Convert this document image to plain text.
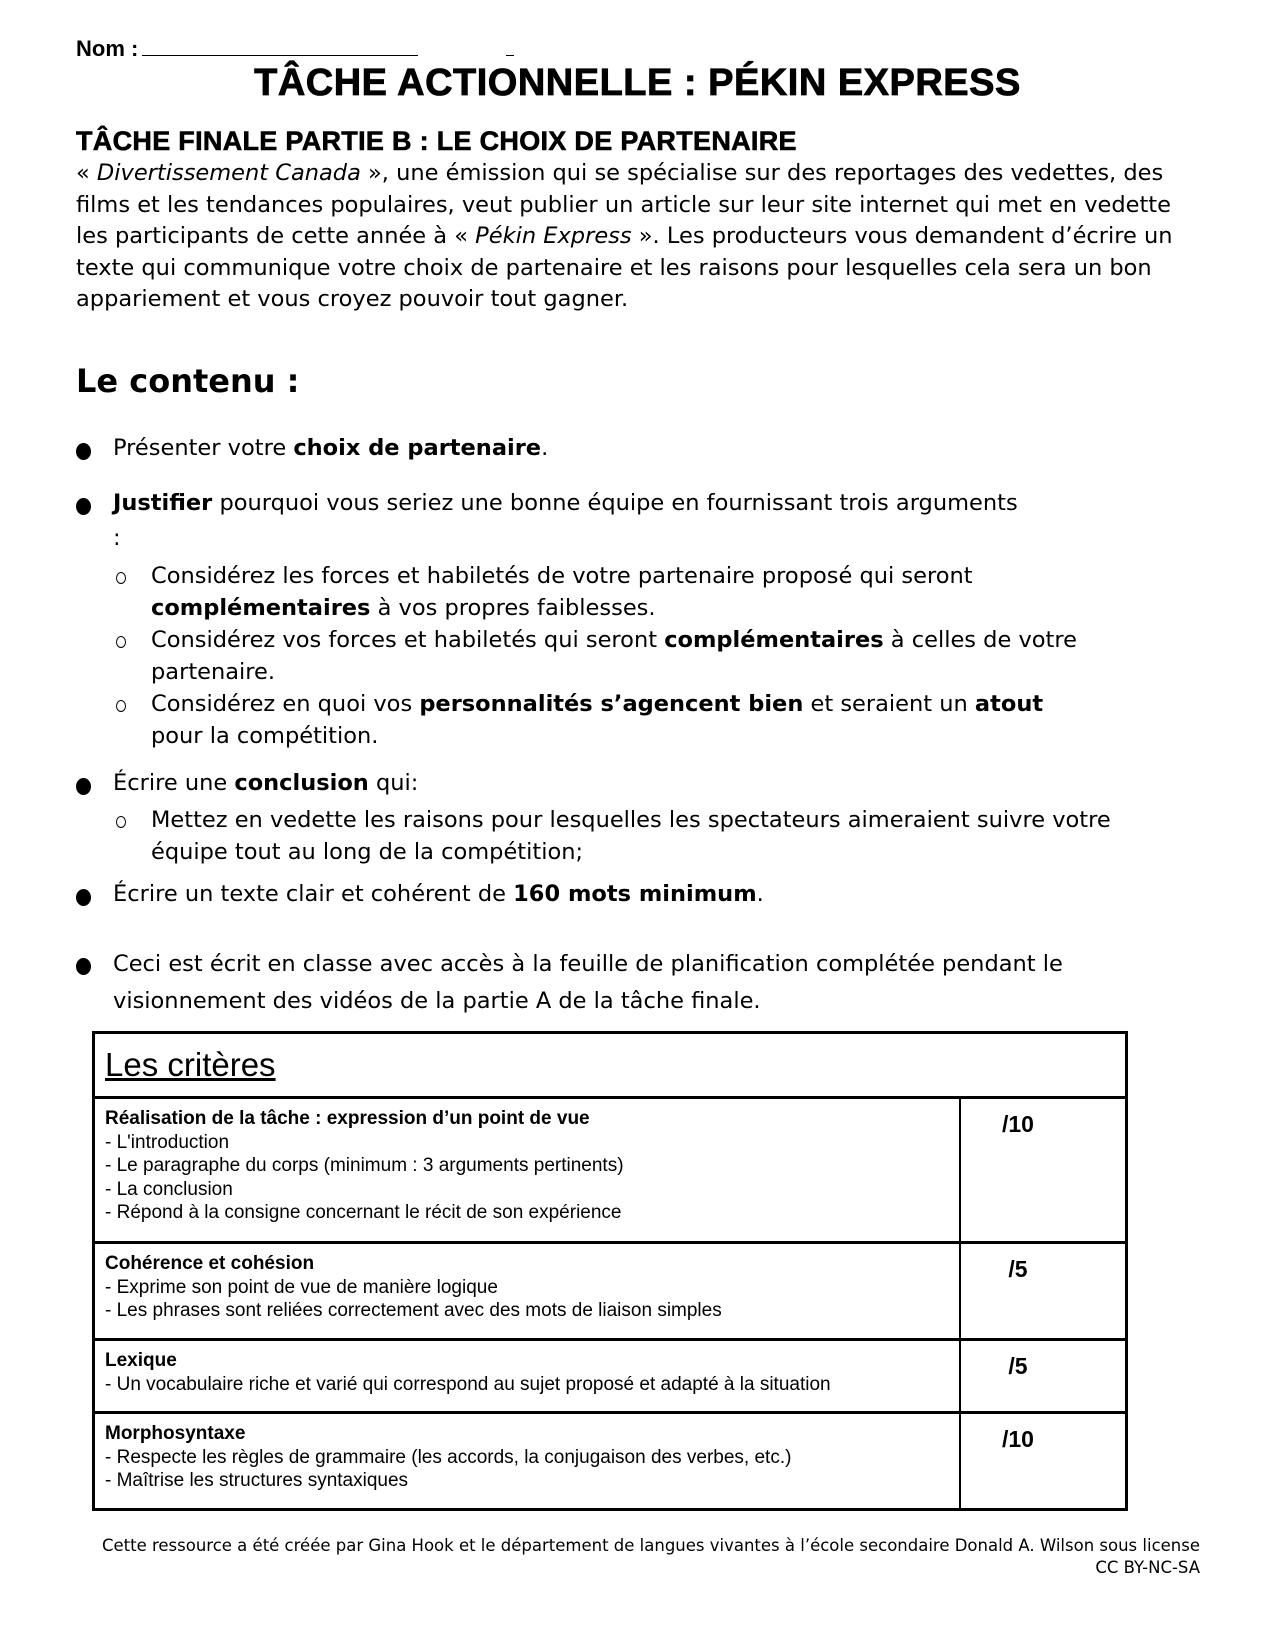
Nom :
TÂCHE ACTIONNELLE : PÉKIN EXPRESS
TÂCHE FINALE PARTIE B : LE CHOIX DE PARTENAIRE
« Divertissement Canada », une émission qui se spécialise sur des reportages des vedettes, des films et les tendances populaires, veut publier un article sur leur site internet qui met en vedette les participants de cette année à « Pékin Express ». Les producteurs vous demandent d’écrire un texte qui communique votre choix de partenaire et les raisons pour lesquelles cela sera un bon appariement et vous croyez pouvoir tout gagner.
Le contenu :
Présenter votre choix de partenaire.
Justifier pourquoi vous seriez une bonne équipe en fournissant trois arguments
:
Considérez les forces et habiletés de votre partenaire proposé qui seront complémentaires à vos propres faiblesses.
Considérez vos forces et habiletés qui seront complémentaires à celles de votre partenaire.
Considérez en quoi vos personnalités s’agencent bien et seraient un atout pour la compétition.
Écrire une conclusion qui:
Mettez en vedette les raisons pour lesquelles les spectateurs aimeraient suivre votre équipe tout au long de la compétition;
Écrire un texte clair et cohérent de 160 mots minimum.
Ceci est écrit en classe avec accès à la feuille de planification complétée pendant le visionnement des vidéos de la partie A de la tâche finale.
Les critères
Réalisation de la tâche : expression d’un point de vue
- L'introduction
- Le paragraphe du corps (minimum : 3 arguments pertinents)
- La conclusion
- Répond à la consigne concernant le récit de son expérience
/10
Cohérence et cohésion
- Exprime son point de vue de manière logique
- Les phrases sont reliées correctement avec des mots de liaison simples
/5
Lexique
- Un vocabulaire riche et varié qui correspond au sujet proposé et adapté à la situation
/5
Morphosyntaxe
- Respecte les règles de grammaire (les accords, la conjugaison des verbes, etc.)
- Maîtrise les structures syntaxiques
/10
Cette ressource a été créée par Gina Hook et le département de langues vivantes à l’école secondaire Donald A. Wilson sous license
CC BY-NC-SA
